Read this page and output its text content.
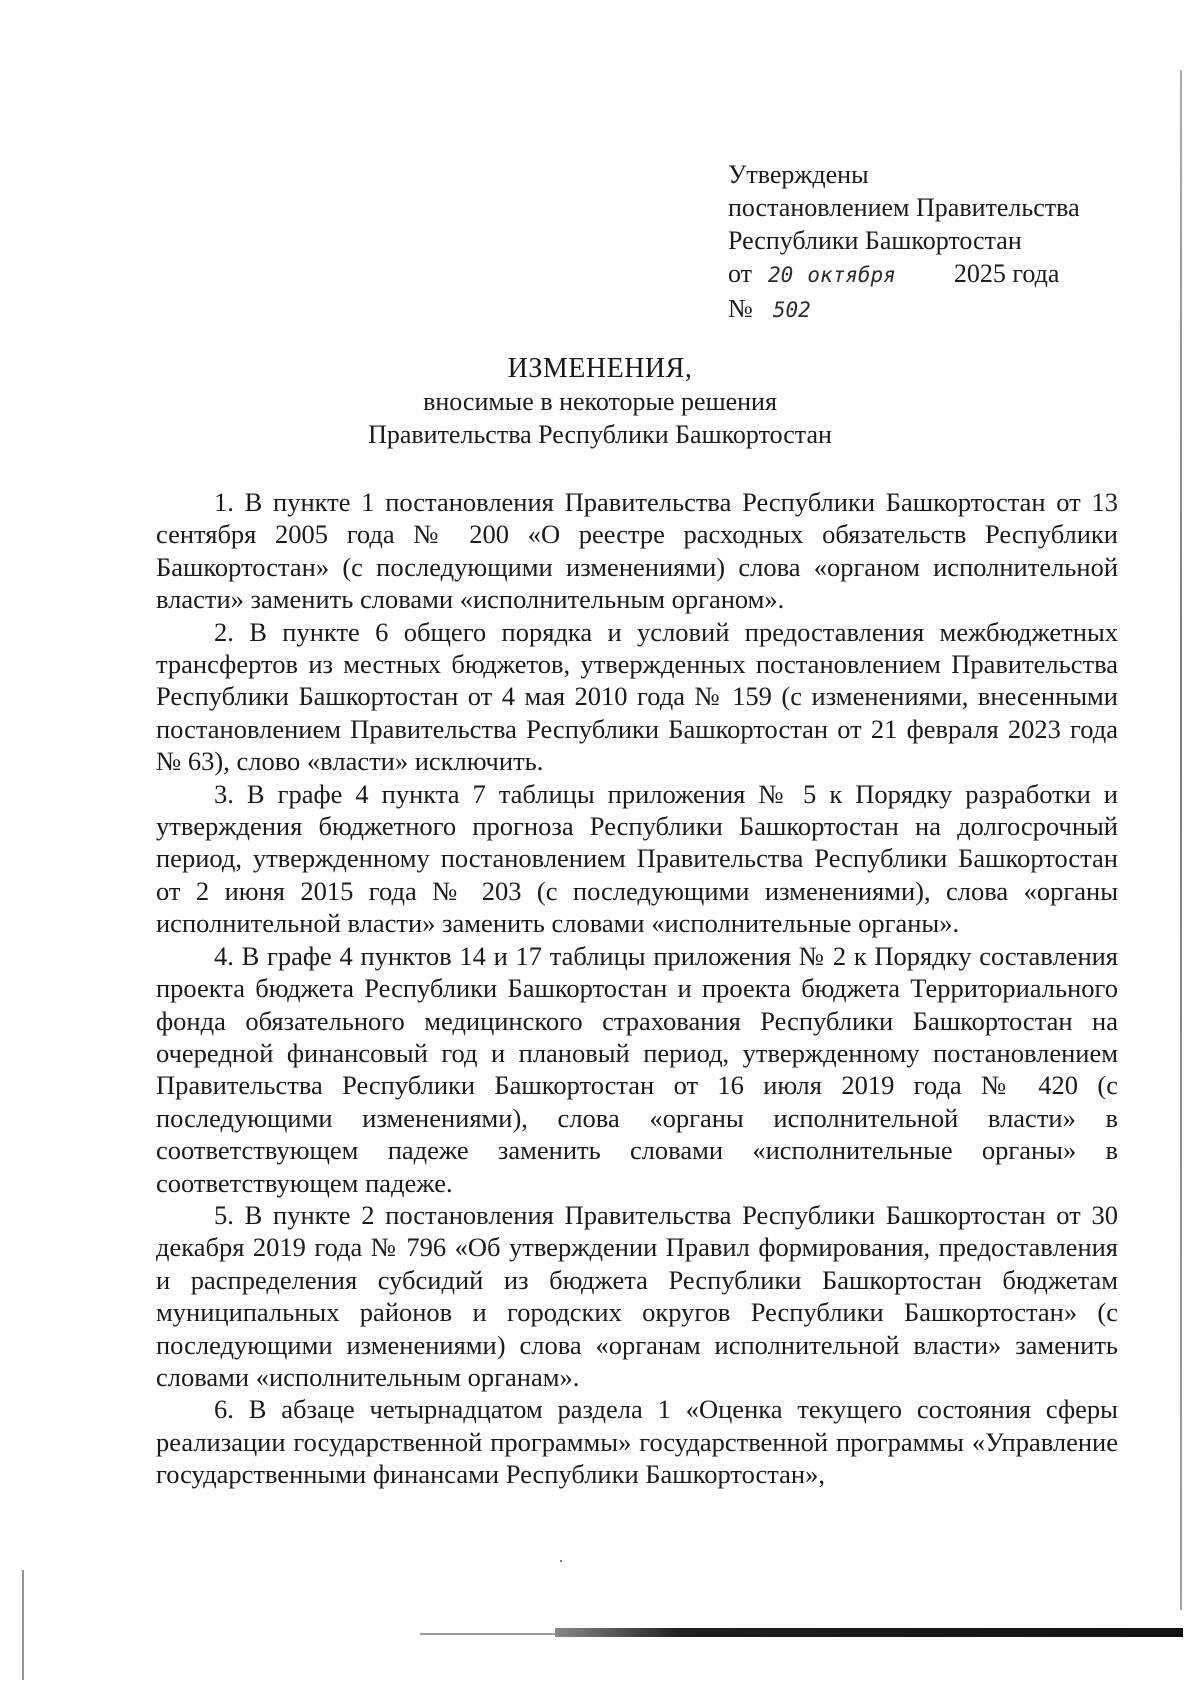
Утверждены
постановлением Правительства
Республики Башкортостан
от 20 октября 2025 года
№ 502
ИЗМЕНЕНИЯ,
вносимые в некоторые решения
Правительства Республики Башкортостан

1. В пункте 1 постановления Правительства Республики Башкортостан от 13 сентября 2005 года № 200 «О реестре расходных обязательств Республики Башкортостан» (с последующими изменениями) слова «органом исполнительной власти» заменить словами «исполнительным органом».

2. В пункте 6 общего порядка и условий предоставления межбюджетных трансфертов из местных бюджетов, утвержденных постановлением Правительства Республики Башкортостан от 4 мая 2010 года № 159 (с изменениями, внесенными постановлением Правительства Республики Башкортостан от 21 февраля 2023 года № 63), слово «власти» исключить.

3. В графе 4 пункта 7 таблицы приложения № 5 к Порядку разработки и утверждения бюджетного прогноза Республики Башкортостан на долгосрочный период, утвержденному постановлением Правительства Республики Башкортостан от 2 июня 2015 года № 203 (с последующими изменениями), слова «органы исполнительной власти» заменить словами «исполнительные органы».

4. В графе 4 пунктов 14 и 17 таблицы приложения № 2 к Порядку составления проекта бюджета Республики Башкортостан и проекта бюджета Территориального фонда обязательного медицинского страхования Республики Башкортостан на очередной финансовый год и плановый период, утвержденному постановлением Правительства Республики Башкортостан от 16 июля 2019 года № 420 (с последующими изменениями), слова «органы исполнительной власти» в соответствующем падеже заменить словами «исполнительные органы» в соответствующем падеже.

5. В пункте 2 постановления Правительства Республики Башкортостан от 30 декабря 2019 года № 796 «Об утверждении Правил формирования, предоставления и распределения субсидий из бюджета Республики Башкортостан бюджетам муниципальных районов и городских округов Республики Башкортостан» (с последующими изменениями) слова «органам исполнительной власти» заменить словами «исполнительным органам».

6. В абзаце четырнадцатом раздела 1 «Оценка текущего состояния сферы реализации государственной программы» государственной программы «Управление государственными финансами Республики Башкортостан»,
